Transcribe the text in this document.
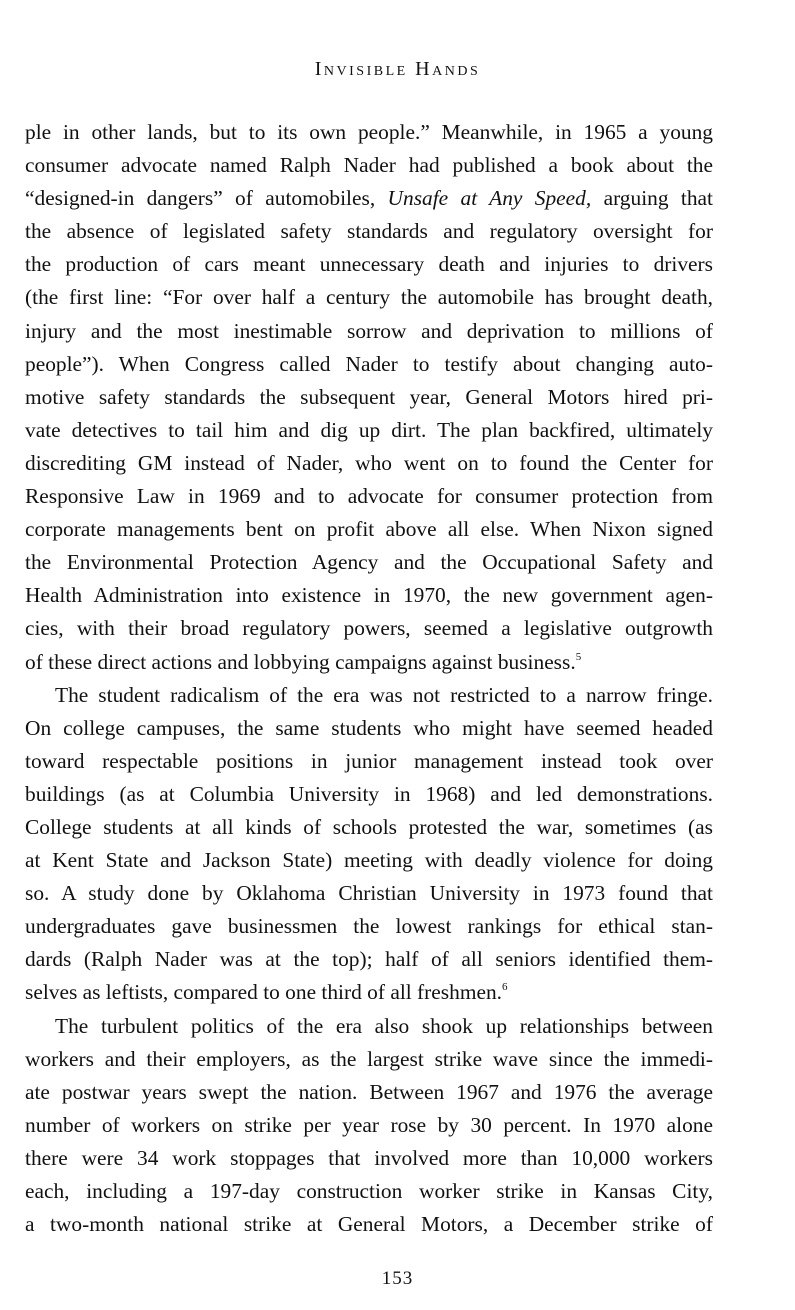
Invisible Hands
ple in other lands, but to its own people.” Meanwhile, in 1965 a young
consumer advocate named Ralph Nader had published a book about the
“designed-in dangers” of automobiles, Unsafe at Any Speed, arguing that
the absence of legislated safety standards and regulatory oversight for
the production of cars meant unnecessary death and injuries to drivers
(the first line: “For over half a century the automobile has brought death,
injury and the most inestimable sorrow and deprivation to millions of
people”). When Congress called Nader to testify about changing auto-
motive safety standards the subsequent year, General Motors hired pri-
vate detectives to tail him and dig up dirt. The plan backfired, ultimately
discrediting GM instead of Nader, who went on to found the Center for
Responsive Law in 1969 and to advocate for consumer protection from
corporate managements bent on profit above all else. When Nixon signed
the Environmental Protection Agency and the Occupational Safety and
Health Administration into existence in 1970, the new government agen-
cies, with their broad regulatory powers, seemed a legislative outgrowth
of these direct actions and lobbying campaigns against business.$^5$
The student radicalism of the era was not restricted to a narrow fringe.
On college campuses, the same students who might have seemed headed
toward respectable positions in junior management instead took over
buildings (as at Columbia University in 1968) and led demonstrations.
College students at all kinds of schools protested the war, sometimes (as
at Kent State and Jackson State) meeting with deadly violence for doing
so. A study done by Oklahoma Christian University in 1973 found that
undergraduates gave businessmen the lowest rankings for ethical stan-
dards (Ralph Nader was at the top); half of all seniors identified them-
selves as leftists, compared to one third of all freshmen.$^6$
The turbulent politics of the era also shook up relationships between
workers and their employers, as the largest strike wave since the immedi-
ate postwar years swept the nation. Between 1967 and 1976 the average
number of workers on strike per year rose by 30 percent. In 1970 alone
there were 34 work stoppages that involved more than 10,000 workers
each, including a 197-day construction worker strike in Kansas City,
a two-month national strike at General Motors, a December strike of
153
